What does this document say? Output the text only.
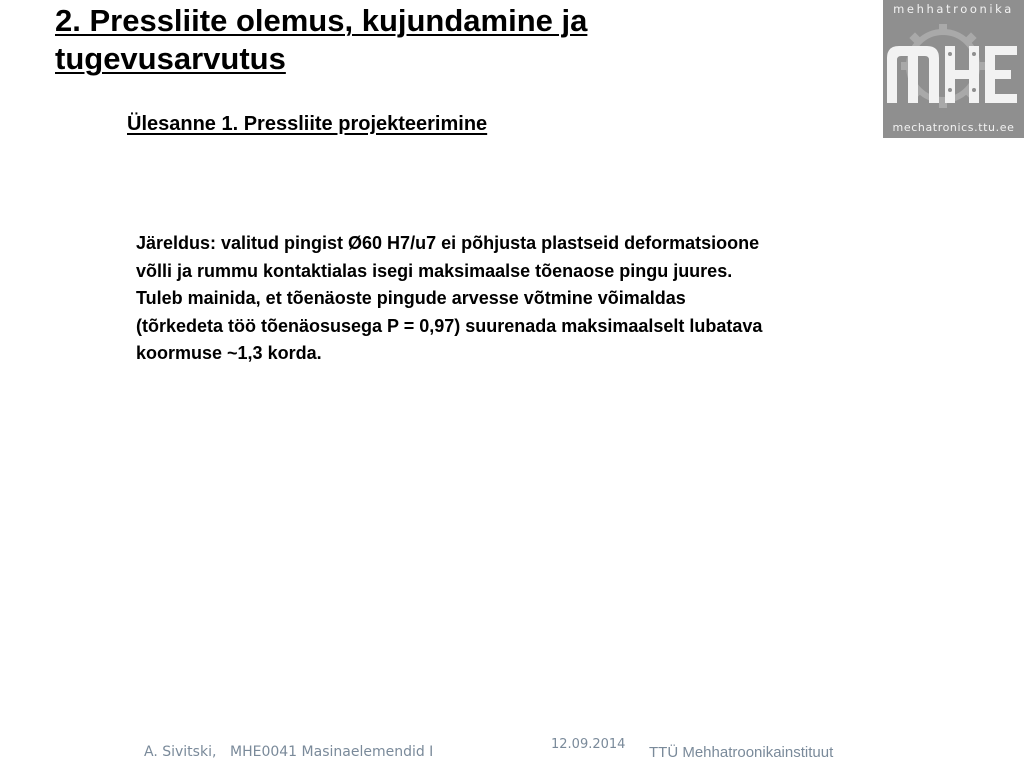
2. Pressliite olemus, kujundamine ja
tugevusarvutus
Ülesanne 1. Pressliite projekteerimine
Järeldus: valitud pingist Ø60 H7/u7 ei põhjusta plastseid deformatsioone
võlli ja rummu kontaktialas isegi maksimaalse tõenaose pingu juures.
Tuleb mainida, et tõenäoste pingude arvesse võtmine võimaldas
(tõrkedeta töö tõenäosusega P = 0,97) suurenada maksimaalselt lubatava
koormuse ~1,3 korda.
mehhatroonika
mechatronics.ttu.ee
A. Sivitski, MHE0041 Masinaelemendid I	12.09.2014 TTÜ Mehhatroonikainstituut
